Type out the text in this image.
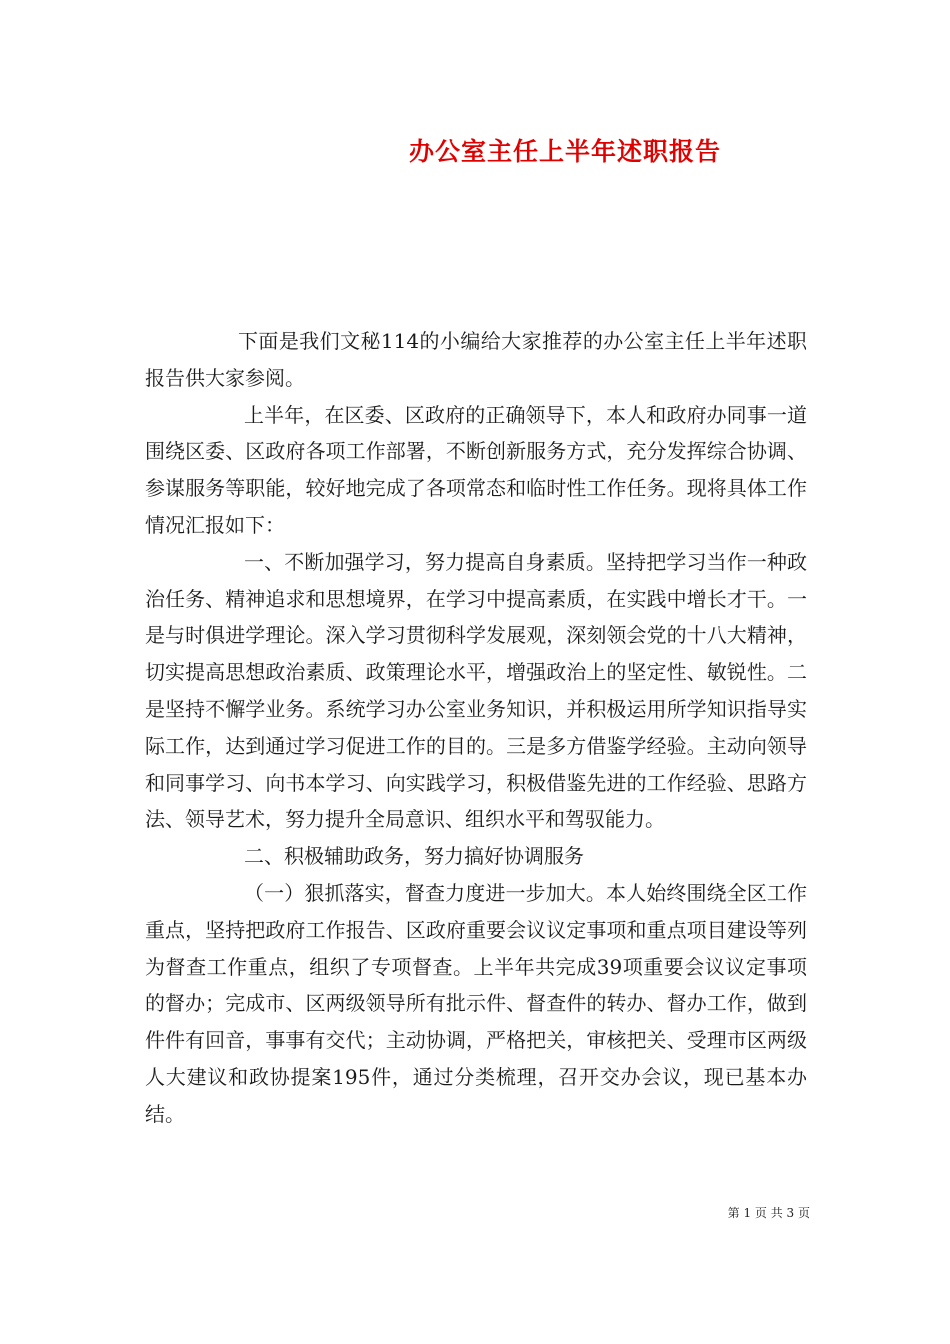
办公室主任上半年述职报告

下面是我们文秘114的小编给大家推荐的办公室主任上半年述职报告供大家参阅。

上半年，在区委、区政府的正确领导下，本人和政府办同事一道围绕区委、区政府各项工作部署，不断创新服务方式，充分发挥综合协调、参谋服务等职能，较好地完成了各项常态和临时性工作任务。现将具体工作情况汇报如下：

一、不断加强学习，努力提高自身素质。坚持把学习当作一种政治任务、精神追求和思想境界，在学习中提高素质，在实践中增长才干。一是与时俱进学理论。深入学习贯彻科学发展观，深刻领会党的十八大精神，切实提高思想政治素质、政策理论水平，增强政治上的坚定性、敏锐性。二是坚持不懈学业务。系统学习办公室业务知识，并积极运用所学知识指导实际工作，达到通过学习促进工作的目的。三是多方借鉴学经验。主动向领导和同事学习、向书本学习、向实践学习，积极借鉴先进的工作经验、思路方法、领导艺术，努力提升全局意识、组织水平和驾驭能力。

二、积极辅助政务，努力搞好协调服务

（一）狠抓落实，督查力度进一步加大。本人始终围绕全区工作重点，坚持把政府工作报告、区政府重要会议议定事项和重点项目建设等列为督查工作重点，组织了专项督查。上半年共完成39项重要会议议定事项的督办；完成市、区两级领导所有批示件、督查件的转办、督办工作，做到件件有回音，事事有交代；主动协调，严格把关，审核把关、受理市区两级人大建议和政协提案195件，通过分类梳理，召开交办会议，现已基本办结。

第 1 页 共 3 页
